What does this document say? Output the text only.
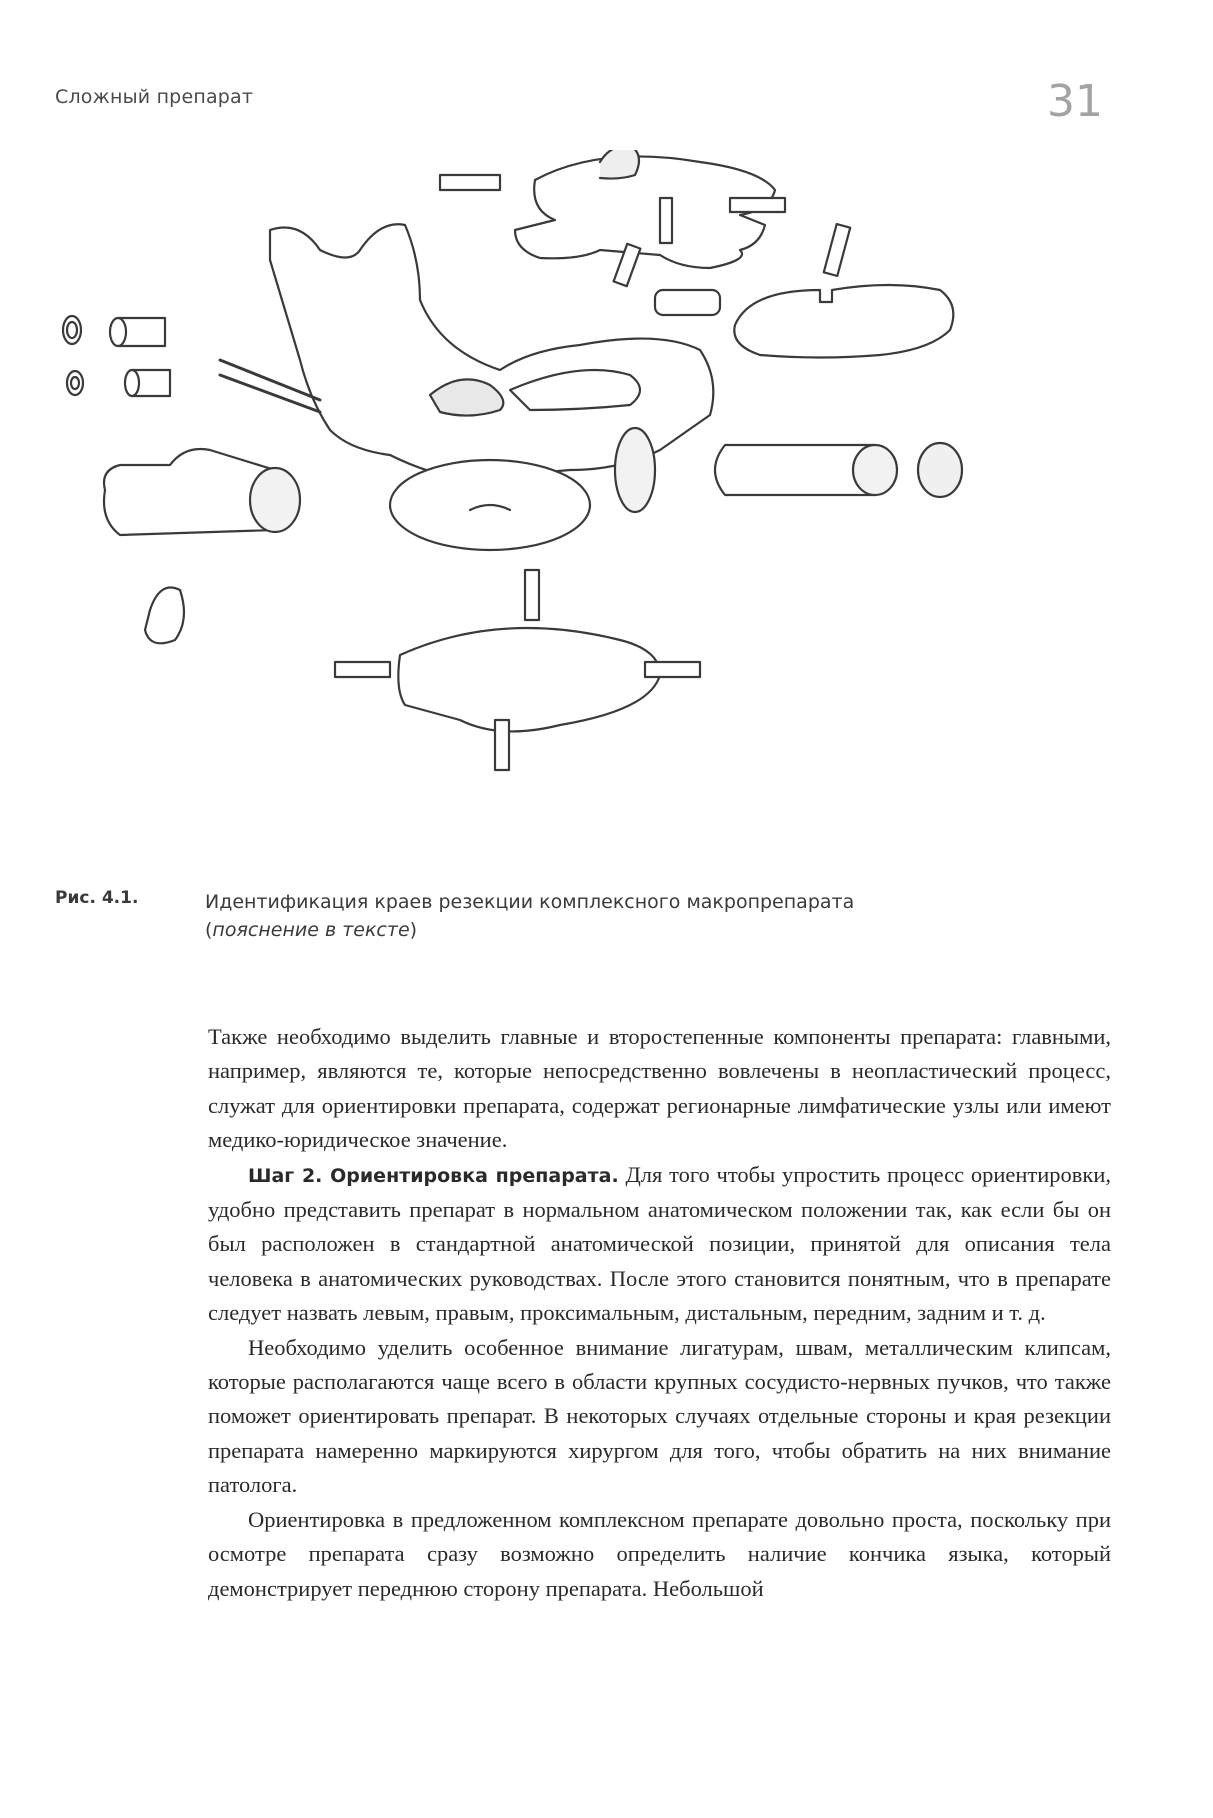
Сложный препарат	31
Рис. 4.1.	Идентификация краев резекции комплексного макропрепарата
(пояснение в тексте)

Также необходимо выделить главные и второстепенные компоненты препарата: главными, например, являются те, которые непосредственно вовлечены в неопластический процесс, служат для ориентировки препарата, содержат регионарные лимфатические узлы или имеют медико-юридическое значение.

Шаг 2. Ориентировка препарата. Для того чтобы упростить процесс ориентировки, удобно представить препарат в нормальном анатомическом положении так, как если бы он был расположен в стандартной анатомической позиции, принятой для описания тела человека в анатомических руководствах. После этого становится понятным, что в препарате следует назвать левым, правым, проксимальным, дистальным, передним, задним и т. д.

Необходимо уделить особенное внимание лигатурам, швам, металлическим клипсам, которые располагаются чаще всего в области крупных сосудисто-нервных пучков, что также поможет ориентировать препарат. В некоторых случаях отдельные стороны и края резекции препарата намеренно маркируются хирургом для того, чтобы обратить на них внимание патолога.

Ориентировка в предложенном комплексном препарате довольно проста, поскольку при осмотре препарата сразу возможно определить наличие кончика языка, который демонстрирует переднюю сторону препарата. Небольшой
